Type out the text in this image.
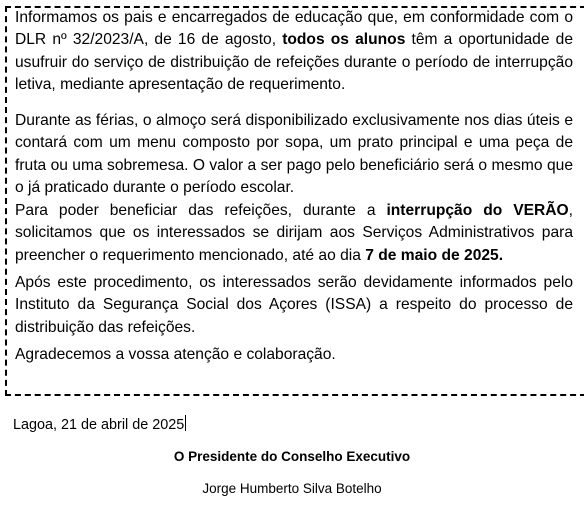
Informamos os pais e encarregados de educação que, em conformidade com o DLR nº 32/2023/A, de 16 de agosto, todos os alunos têm a oportunidade de usufruir do serviço de distribuição de refeições durante o período de interrupção letiva, mediante apresentação de requerimento.

Durante as férias, o almoço será disponibilizado exclusivamente nos dias úteis e contará com um menu composto por sopa, um prato principal e uma peça de fruta ou uma sobremesa. O valor a ser pago pelo beneficiário será o mesmo que o já praticado durante o período escolar.

Para poder beneficiar das refeições, durante a interrupção do VERÃO, solicitamos que os interessados se dirijam aos Serviços Administrativos para preencher o requerimento mencionado, até ao dia 7 de maio de 2025.

Após este procedimento, os interessados serão devidamente informados pelo Instituto da Segurança Social dos Açores (ISSA) a respeito do processo de distribuição das refeições.

Agradecemos a vossa atenção e colaboração.

Lagoa, 21 de abril de 2025
O Presidente do Conselho Executivo
Jorge Humberto Silva Botelho
